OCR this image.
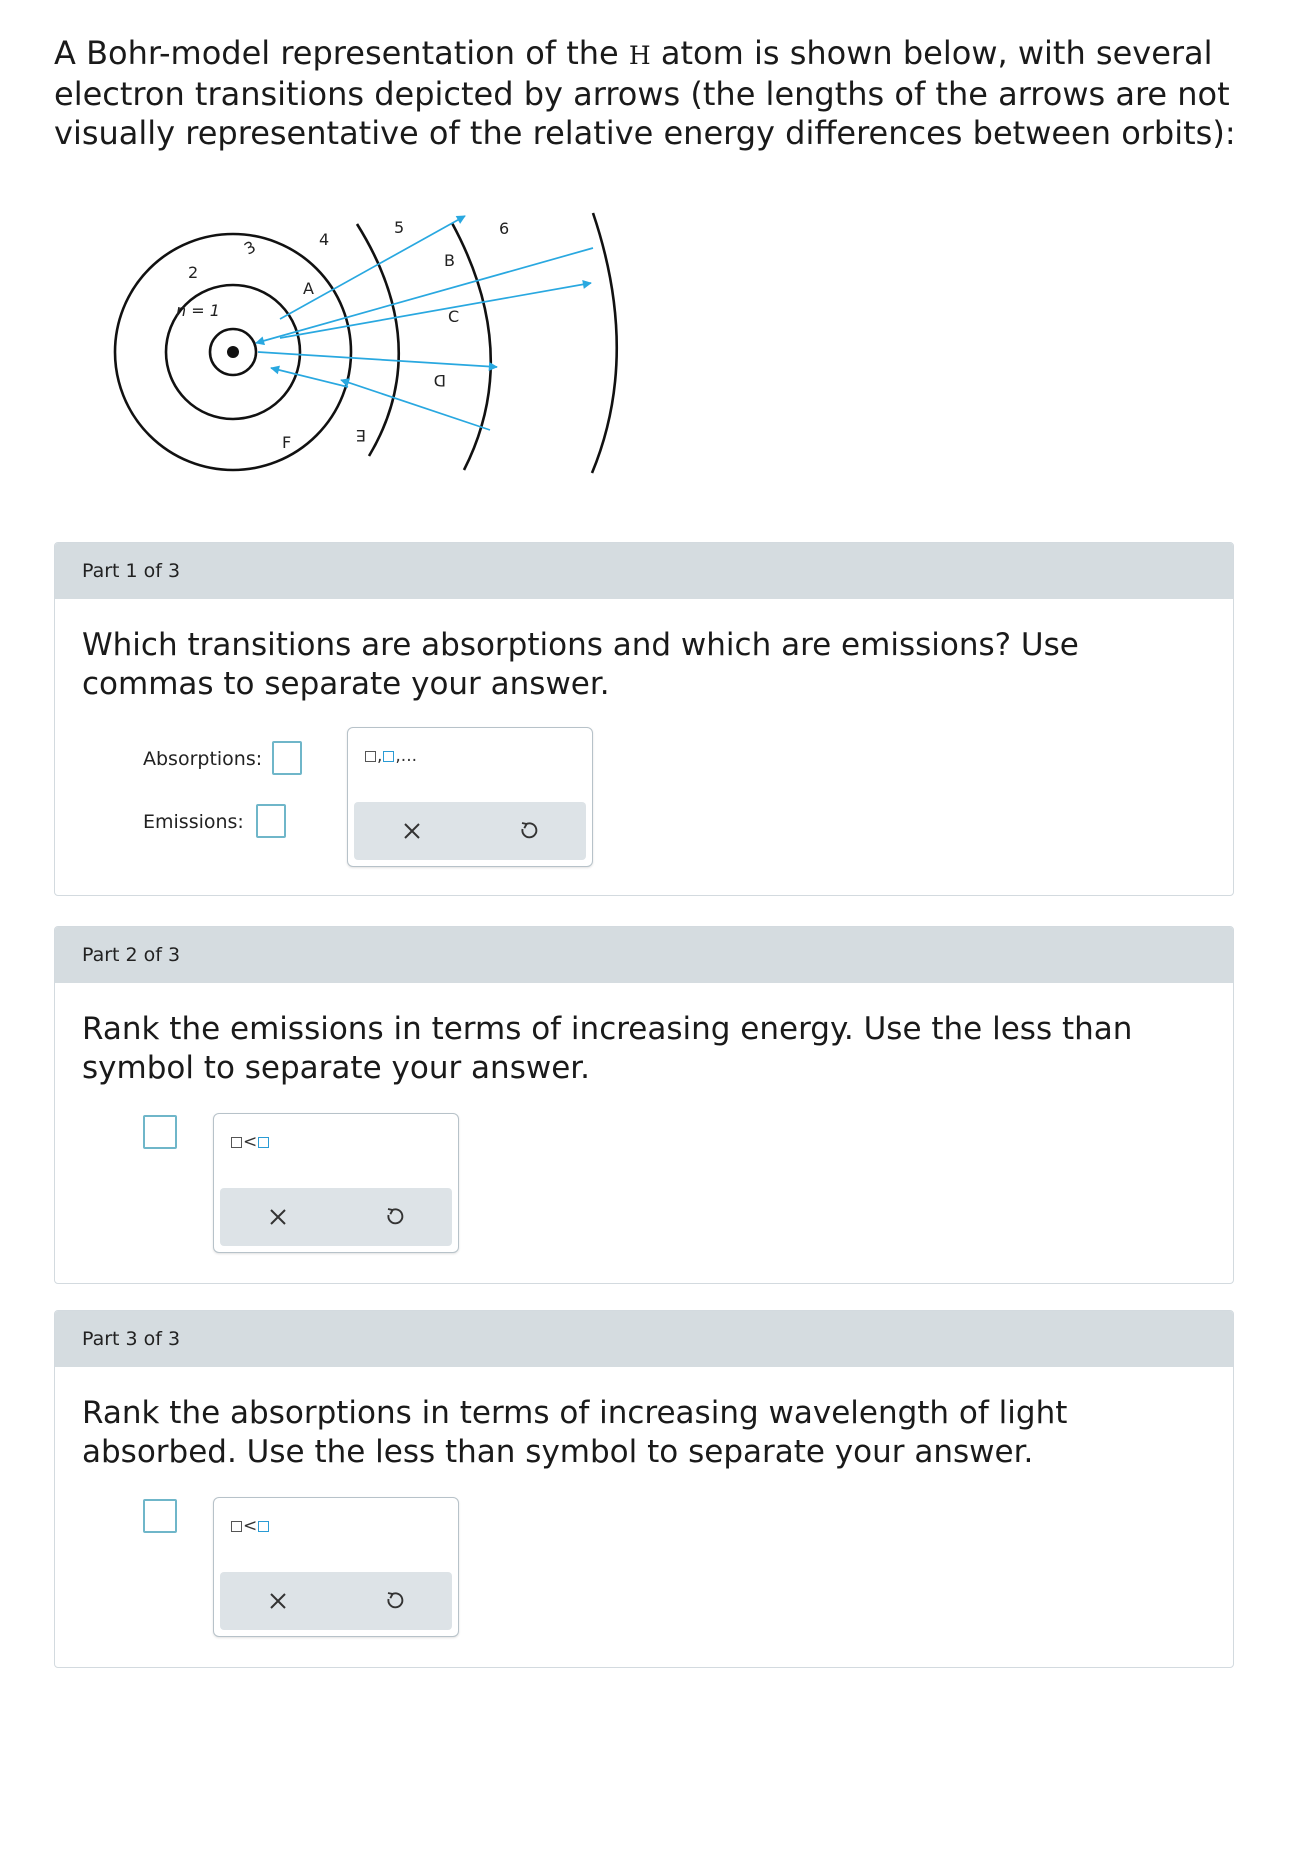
A Bohr-model representation of the H atom is shown below, with several electron transitions depicted by arrows (the lengths of the arrows are not visually representative of the relative energy differences between orbits):

n = 1
2
3	4
5	6
A
B
C
D
E
F
Part 1 of 3

Which transitions are absorptions and which are emissions? Use commas to separate your answer.

Absorptions:
Emissions:
, ,...
Part 2 of 3

Rank the emissions in terms of increasing energy. Use the less than symbol to separate your answer.

<
Part 3 of 3

Rank the absorptions in terms of increasing wavelength of light absorbed. Use the less than symbol to separate your answer.

<
